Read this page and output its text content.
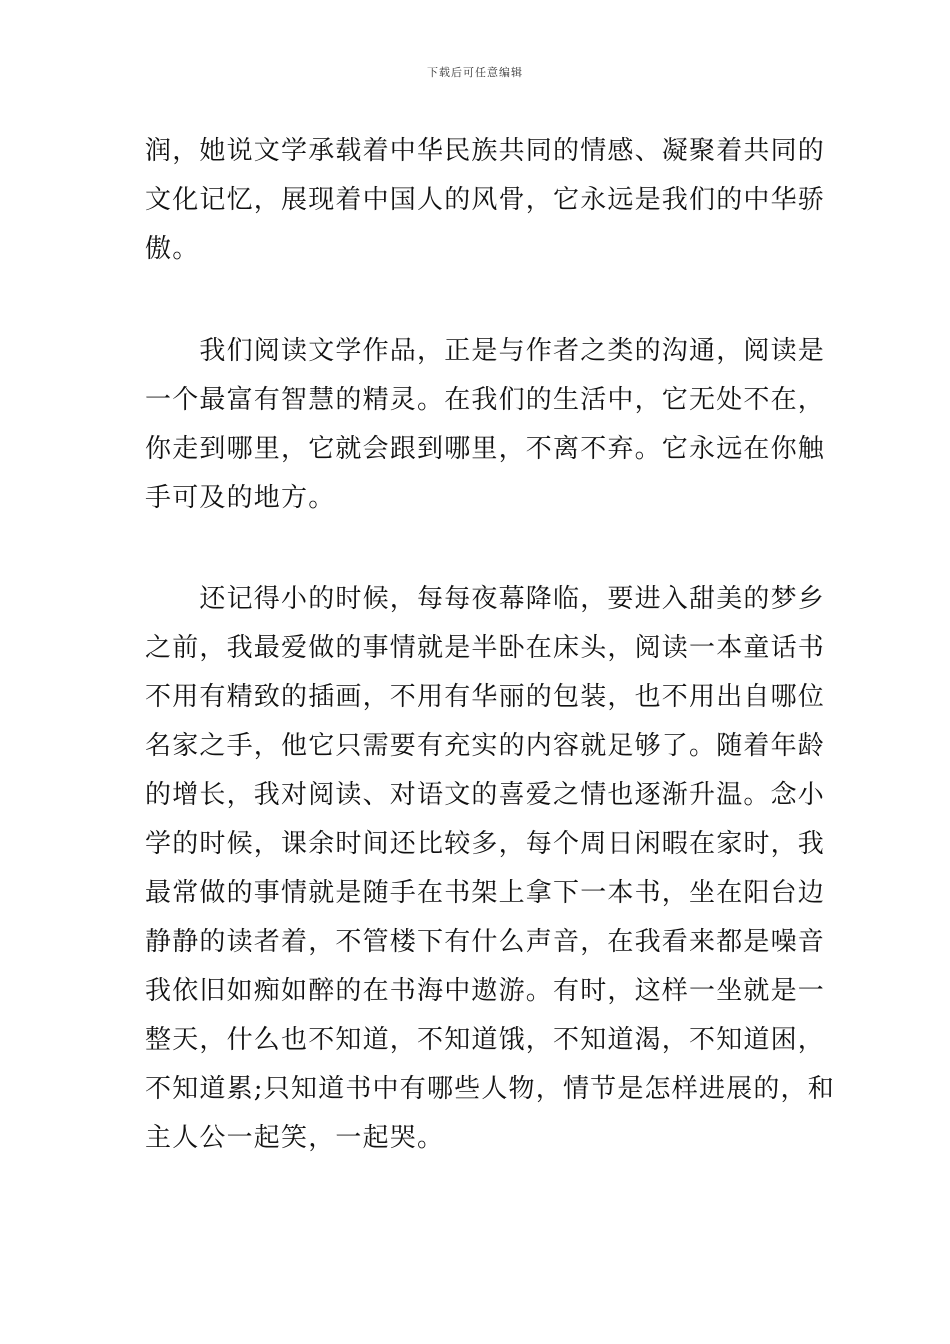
下载后可任意编辑
润，她说文学承载着中华民族共同的情感、凝聚着共同的
文化记忆，展现着中国人的风骨，它永远是我们的中华骄
傲。
　　我们阅读文学作品，正是与作者之类的沟通，阅读是
一个最富有智慧的精灵。在我们的生活中，它无处不在，
你走到哪里，它就会跟到哪里，不离不弃。它永远在你触
手可及的地方。
　　还记得小的时候，每每夜幕降临，要进入甜美的梦乡
之前，我最爱做的事情就是半卧在床头，阅读一本童话书
不用有精致的插画，不用有华丽的包装，也不用出自哪位
名家之手，他它只需要有充实的内容就足够了。随着年龄
的增长，我对阅读、对语文的喜爱之情也逐渐升温。念小
学的时候，课余时间还比较多，每个周日闲暇在家时，我
最常做的事情就是随手在书架上拿下一本书，坐在阳台边
静静的读者着，不管楼下有什么声音，在我看来都是噪音
我依旧如痴如醉的在书海中遨游。有时，这样一坐就是一
整天，什么也不知道，不知道饿，不知道渴，不知道困，
不知道累;只知道书中有哪些人物，情节是怎样进展的，和
主人公一起笑，一起哭。
